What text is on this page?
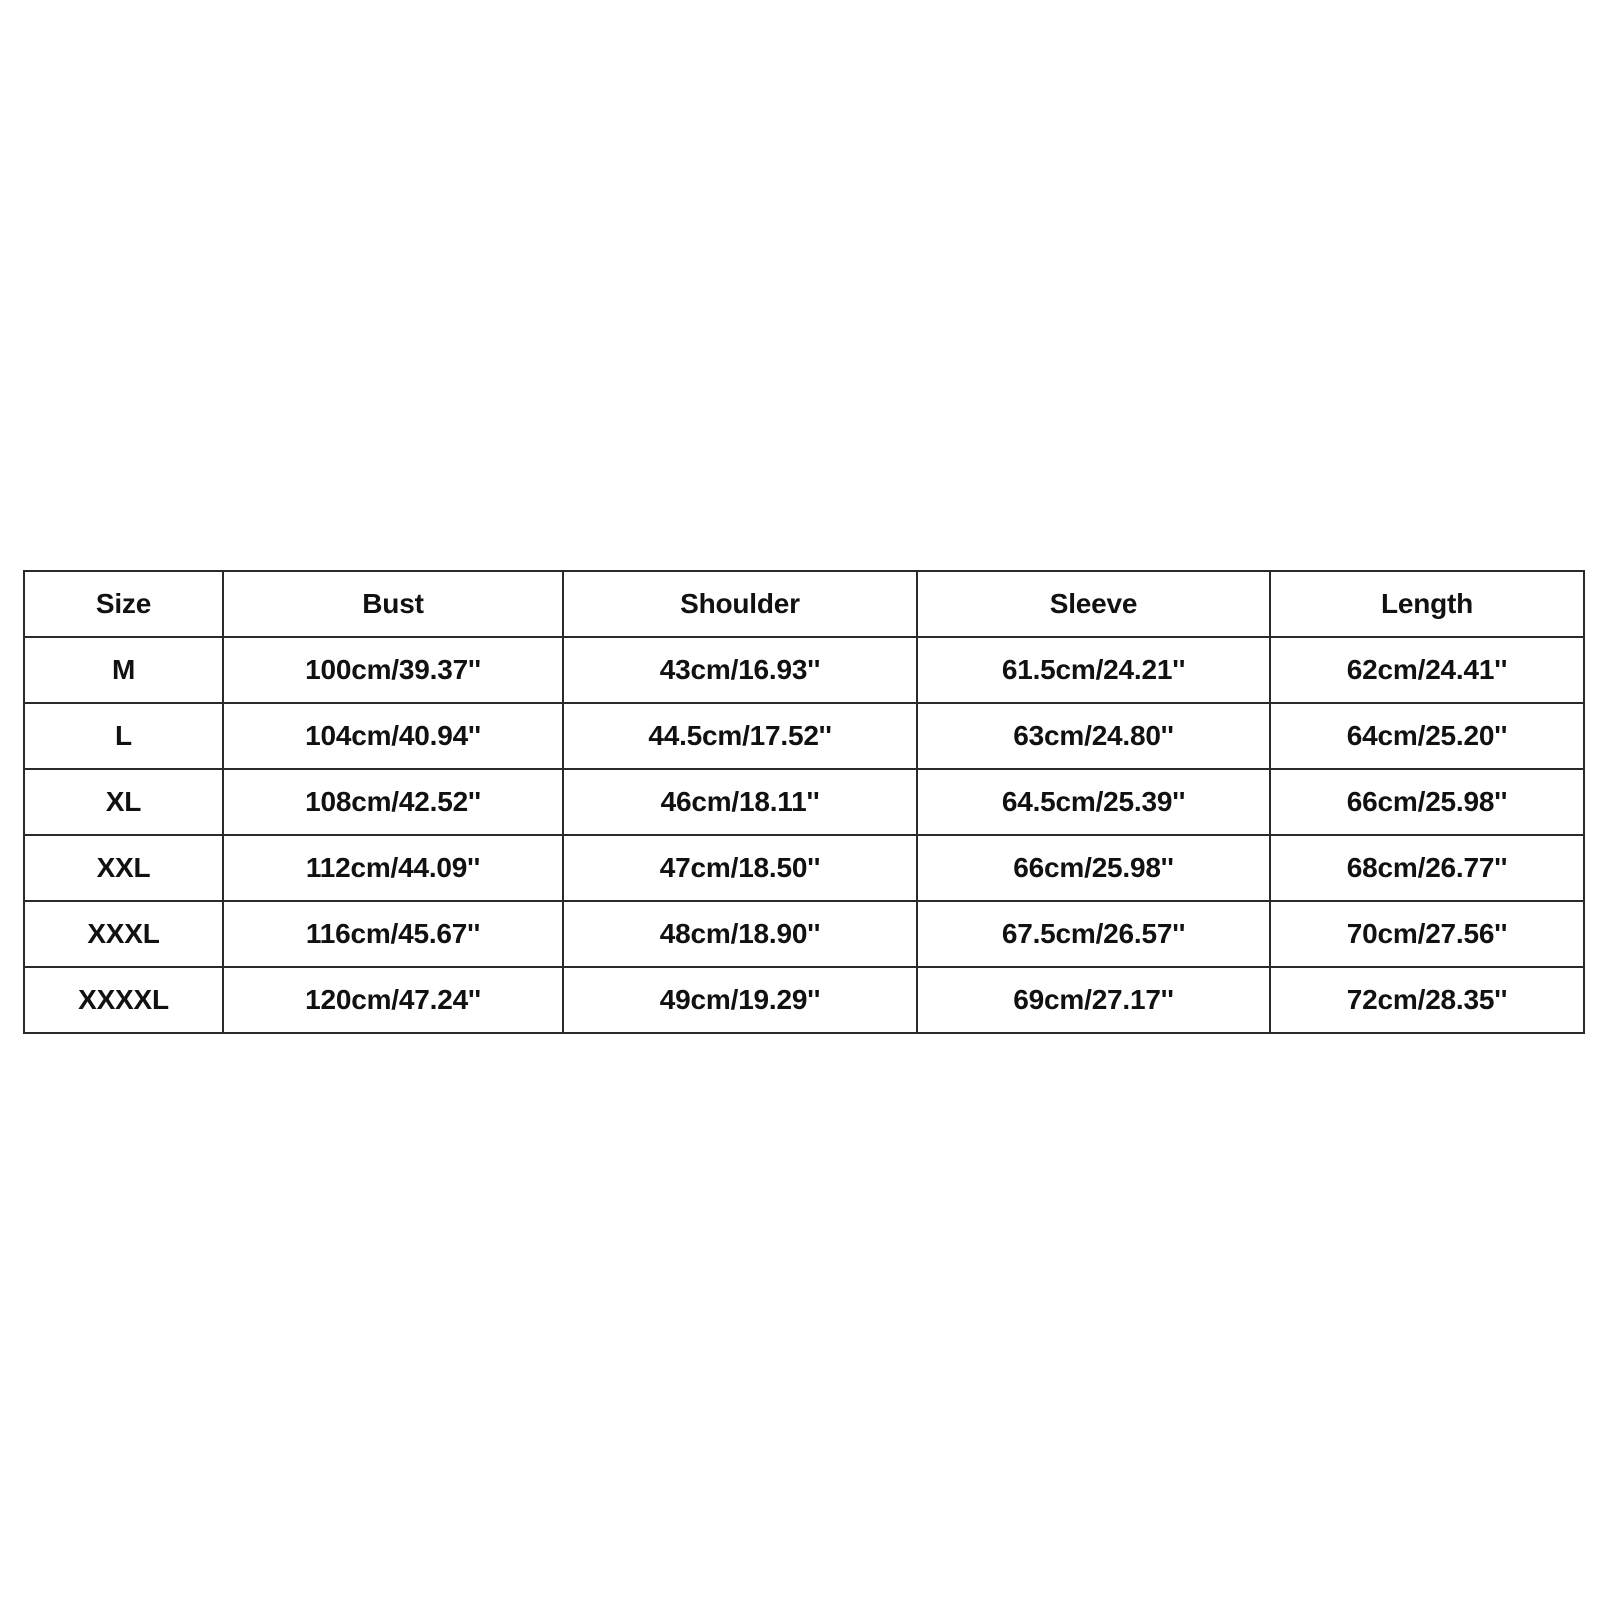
Size	Bust	Shoulder	Sleeve	Length
M	100cm/39.37''	43cm/16.93''	61.5cm/24.21''	62cm/24.41''
L	104cm/40.94''	44.5cm/17.52''	63cm/24.80''	64cm/25.20''
XL	108cm/42.52''	46cm/18.11''	64.5cm/25.39''	66cm/25.98''
XXL	112cm/44.09''	47cm/18.50''	66cm/25.98''	68cm/26.77''
XXXL	116cm/45.67''	48cm/18.90''	67.5cm/26.57''	70cm/27.56''
XXXXL	120cm/47.24''	49cm/19.29''	69cm/27.17''	72cm/28.35''
